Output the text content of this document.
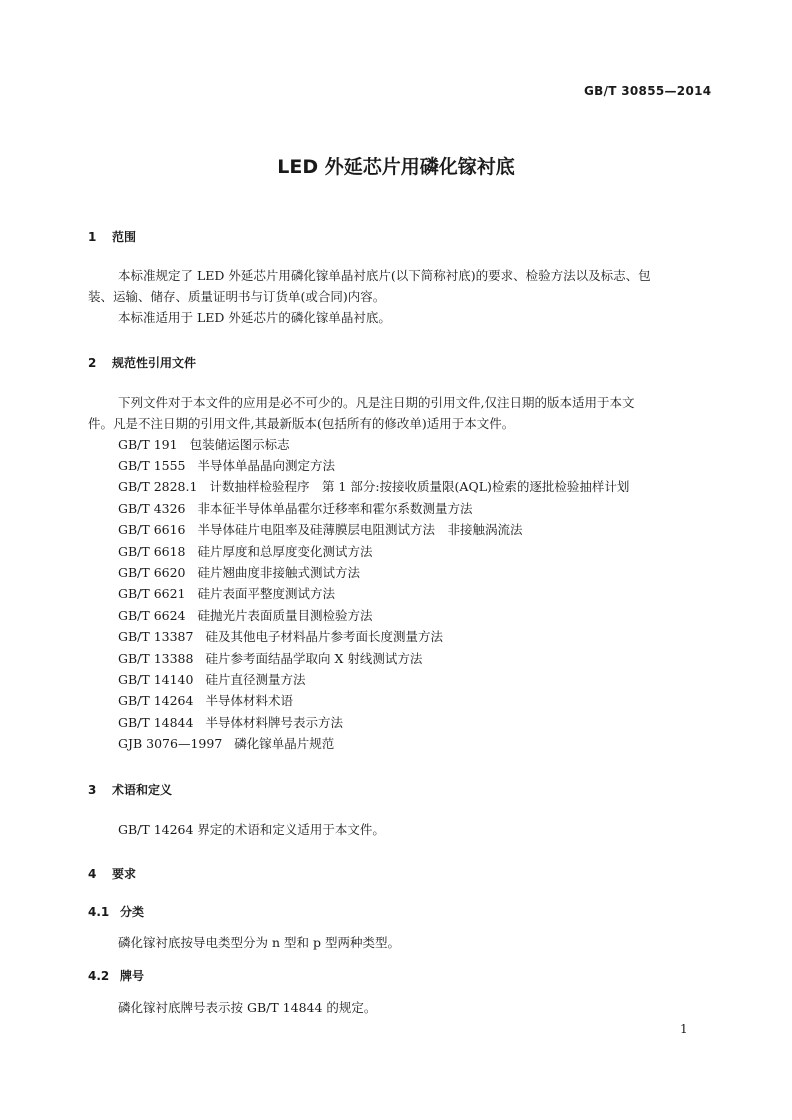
GB/T 30855—2014
LED 外延芯片用磷化镓衬底
1 范围
本标准规定了 LED 外延芯片用磷化镓单晶衬底片(以下简称衬底)的要求、检验方法以及标志、包
装、运输、储存、质量证明书与订货单(或合同)内容。
本标准适用于 LED 外延芯片的磷化镓单晶衬底。
2 规范性引用文件
下列文件对于本文件的应用是必不可少的。凡是注日期的引用文件,仅注日期的版本适用于本文
件。凡是不注日期的引用文件,其最新版本(包括所有的修改单)适用于本文件。
GB/T 191 包装储运图示标志
GB/T 1555 半导体单晶晶向测定方法
GB/T 2828.1 计数抽样检验程序　第 1 部分:按接收质量限(AQL)检索的逐批检验抽样计划
GB/T 4326 非本征半导体单晶霍尔迁移率和霍尔系数测量方法
GB/T 6616 半导体硅片电阻率及硅薄膜层电阻测试方法　非接触涡流法
GB/T 6618 硅片厚度和总厚度变化测试方法
GB/T 6620 硅片翘曲度非接触式测试方法
GB/T 6621 硅片表面平整度测试方法
GB/T 6624 硅抛光片表面质量目测检验方法
GB/T 13387 硅及其他电子材料晶片参考面长度测量方法
GB/T 13388 硅片参考面结晶学取向 X 射线测试方法
GB/T 14140 硅片直径测量方法
GB/T 14264 半导体材料术语
GB/T 14844 半导体材料牌号表示方法
GJB 3076—1997 磷化镓单晶片规范
3 术语和定义
GB/T 14264 界定的术语和定义适用于本文件。
4 要求
4.1 分类
磷化镓衬底按导电类型分为 n 型和 p 型两种类型。
4.2 牌号
磷化镓衬底牌号表示按 GB/T 14844 的规定。
1
